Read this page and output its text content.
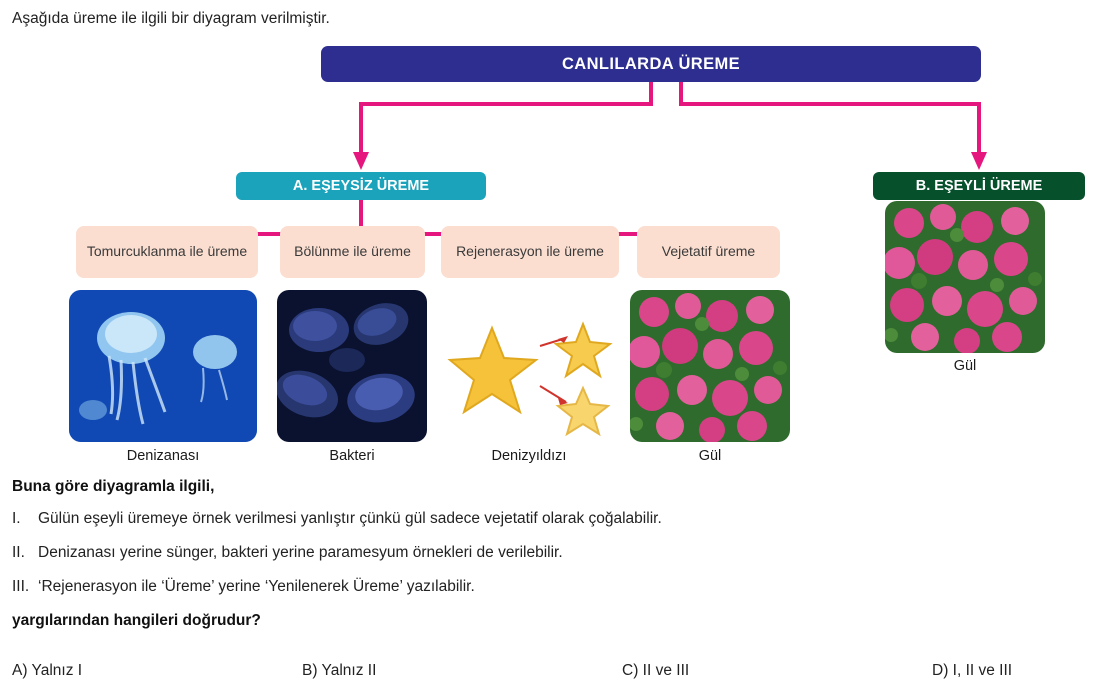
Aşağıda üreme ile ilgili bir diyagram verilmiştir.
CANLILARDA ÜREME
A. EŞEYSİZ ÜREME	B. EŞEYLİ ÜREME
Tomurcuklanma ile üreme	Bölünme ile üreme	Rejenerasyon ile üreme	Vejetatif üreme
Denizanası	Bakteri	Denizyıldızı	Gül
Gül
Buna göre diyagramla ilgili,
I.	Gülün eşeyli üremeye örnek verilmesi yanlıştır çünkü gül sadece vejetatif olarak çoğalabilir.
II. Denizanası yerine sünger, bakteri yerine paramesyum örnekleri de verilebilir.
III. ‘Rejenerasyon ile ‘Üreme’ yerine ‘Yenilenerek Üreme’ yazılabilir.
yargılarından hangileri doğrudur?
A) Yalnız I	B) Yalnız II	C) II ve III	D) I, II ve III
